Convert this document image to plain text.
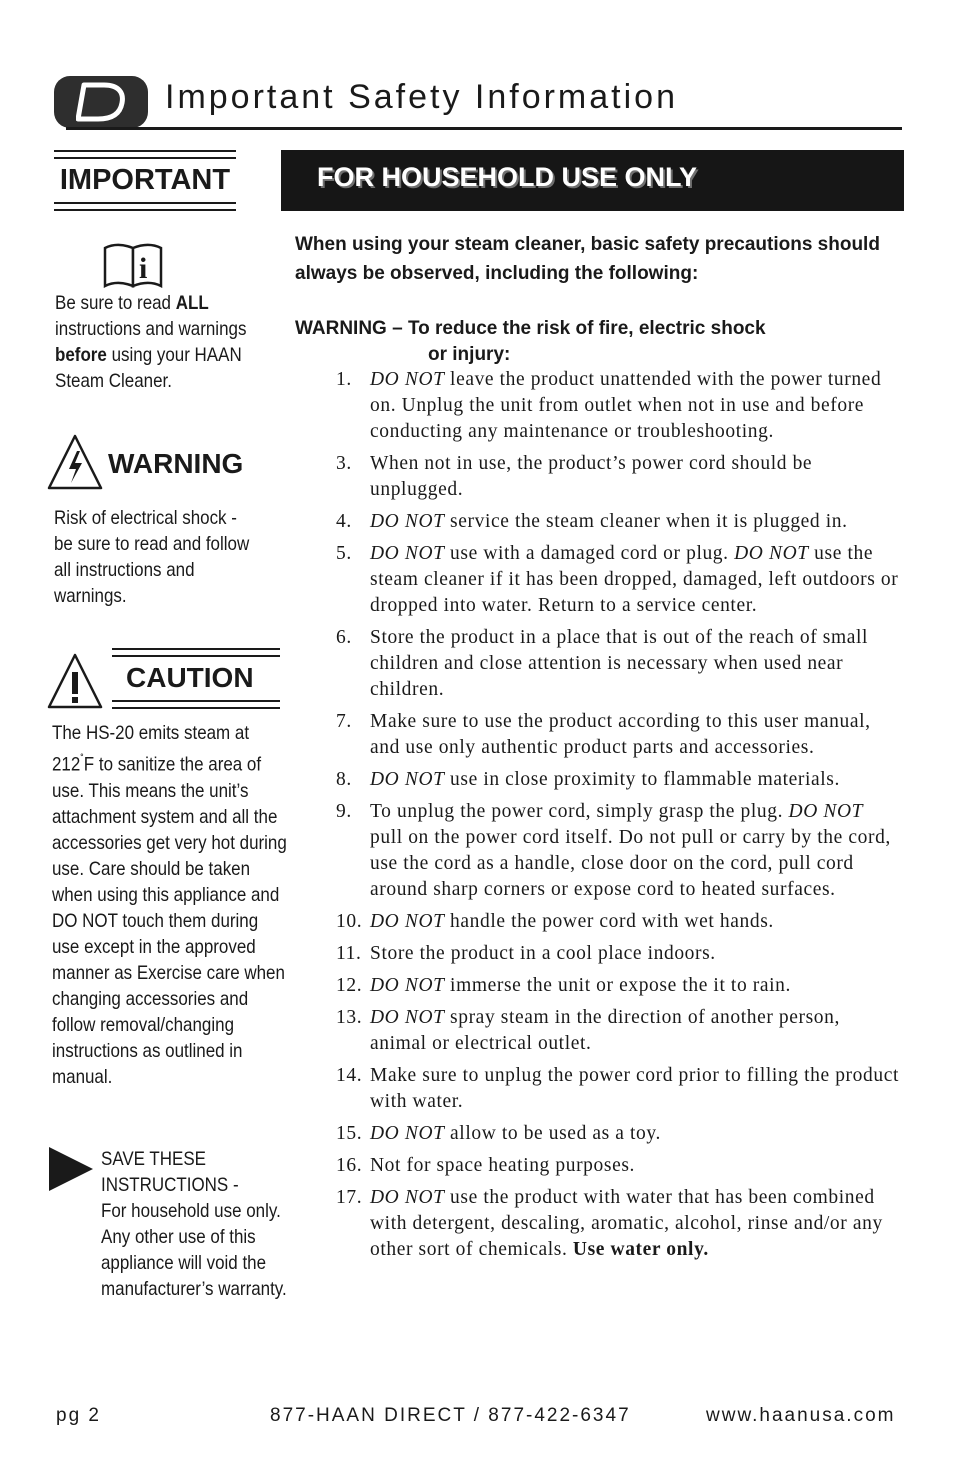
Important Safety Information
IMPORTANT
i
Be sure to read ALL instructions and warnings before using your HAAN Steam Cleaner.
WARNING
Risk of electrical shock - be sure to read and follow all instructions and warnings.
CAUTION
The HS-20 emits steam at 212˚F to sanitize the area of use. This means the unit’s attachment system and all the accessories get very hot during use. Care should be taken when using this appliance and DO NOT touch them during use except in the approved manner as Exercise care when changing accessories and follow removal/changing instructions as outlined in manual.
SAVE THESE
INSTRUCTIONS -
For household use only. Any other use of this appliance will void the manufacturer’s warranty.
FOR HOUSEHOLD USE ONLY
When using your steam cleaner, basic safety precautions should always be observed, including the following:
WARNING – To reduce the risk of fire, electric shock
or injury:
1. DO NOT leave the product unattended with the power turned on. Unplug the unit from outlet when not in use and before conducting any maintenance or troubleshooting.
3. When not in use, the product’s power cord should be unplugged.
4. DO NOT service the steam cleaner when it is plugged in.
5. DO NOT use with a damaged cord or plug. DO NOT use the steam cleaner if it has been dropped, damaged, left outdoors or dropped into water. Return to a service center.
6. Store the product in a place that is out of the reach of small children and close attention is necessary when used near children.
7. Make sure to use the product according to this user manual, and use only authentic product parts and accessories.
8. DO NOT use in close proximity to flammable materials.
9. To unplug the power cord, simply grasp the plug. DO NOT pull on the power cord itself. Do not pull or carry by the cord, use the cord as a handle, close door on the cord, pull cord around sharp corners or expose cord to heated surfaces.
10. DO NOT handle the power cord with wet hands.
11. Store the product in a cool place indoors.
12. DO NOT immerse the unit or expose the it to rain.
13. DO NOT spray steam in the direction of another person, animal or electrical outlet.
14. Make sure to unplug the power cord prior to filling the product with water.
15. DO NOT allow to be used as a toy.
16. Not for space heating purposes.
17. DO NOT use the product with water that has been combined with detergent, descaling, aromatic, alcohol, rinse and/or any other sort of chemicals. Use water only.
pg 2	877-HAAN DIRECT / 877-422-6347	www.haanusa.com
